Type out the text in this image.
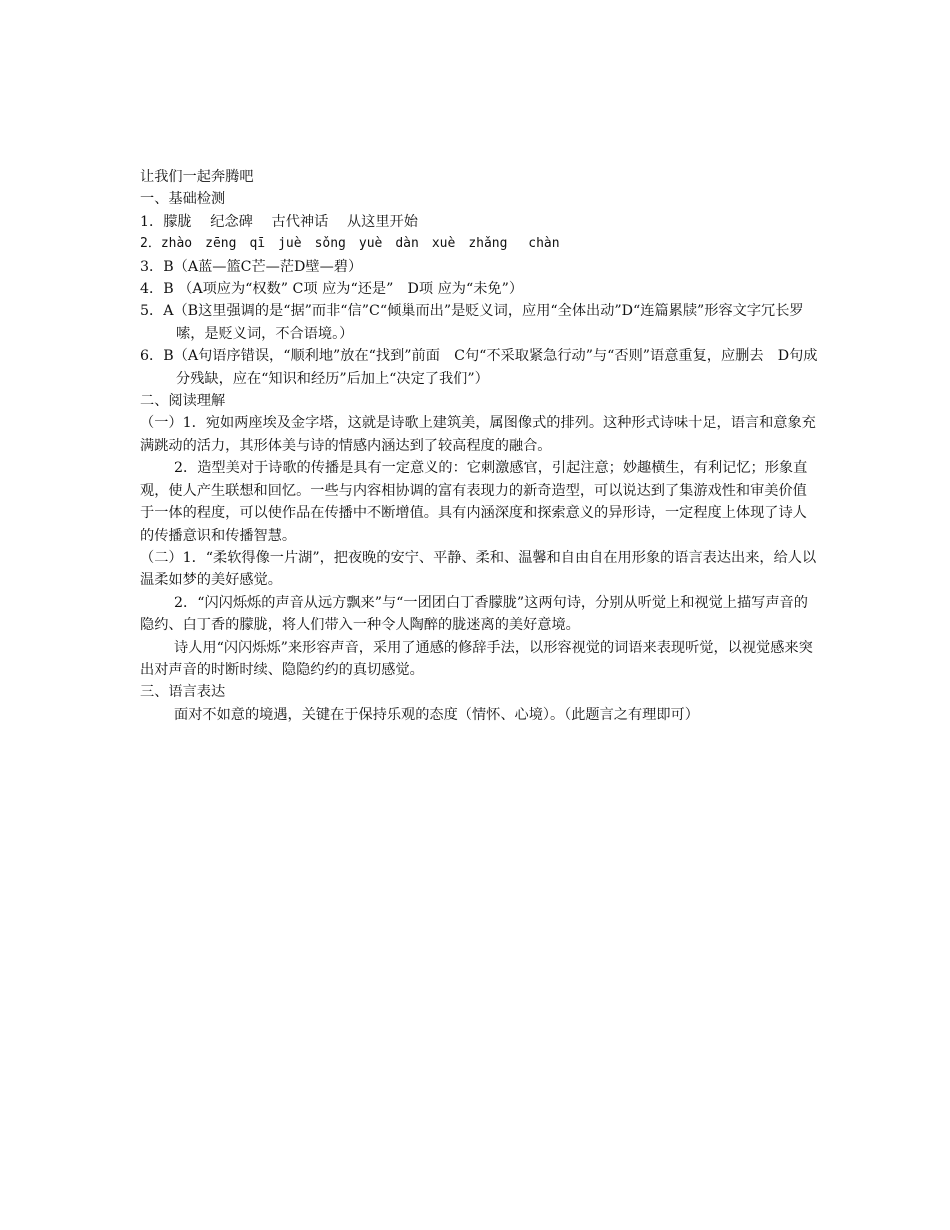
让我们一起奔腾吧
一、基础检测
1．朦胧　 纪念碑　 古代神话　 从这里开始
2．zhào　zēng　qī　juè　sǒng　yuè　dàn　xuè　zhǎng　 chàn
3．B（A蓝—篮C芒—茫D壁—碧）
4．B （A项应为“权数” C项 应为“还是”　D项 应为“未免”）
5．A（B这里强调的是“据”而非“信”C“倾巢而出”是贬义词，应用“全体出动”D“连篇累牍”形容文字冗长罗嗦，是贬义词，不合语境。）
6．B（A句语序错误，“顺利地”放在“找到”前面　C句“不采取紧急行动”与“否则”语意重复，应删去　D句成分残缺，应在“知识和经历”后加上“决定了我们”）
二、阅读理解
（一）1．宛如两座埃及金字塔，这就是诗歌上建筑美，属图像式的排列。这种形式诗味十足，语言和意象充满跳动的活力，其形体美与诗的情感内涵达到了较高程度的融合。
2．造型美对于诗歌的传播是具有一定意义的：它刺激感官，引起注意；妙趣横生，有利记忆；形象直观，使人产生联想和回忆。一些与内容相协调的富有表现力的新奇造型，可以说达到了集游戏性和审美价值于一体的程度，可以使作品在传播中不断增值。具有内涵深度和探索意义的异形诗，一定程度上体现了诗人的传播意识和传播智慧。
（二）1．“柔软得像一片湖”，把夜晚的安宁、平静、柔和、温馨和自由自在用形象的语言表达出来，给人以温柔如梦的美好感觉。
2．“闪闪烁烁的声音从远方飘来”与“一团团白丁香朦胧”这两句诗，分别从听觉上和视觉上描写声音的隐约、白丁香的朦胧，将人们带入一种令人陶醉的胧迷离的美好意境。
诗人用“闪闪烁烁”来形容声音，采用了通感的修辞手法，以形容视觉的词语来表现听觉，以视觉感来突出对声音的时断时续、隐隐约约的真切感觉。
三、语言表达
面对不如意的境遇，关键在于保持乐观的态度（情怀、心境）。（此题言之有理即可）
